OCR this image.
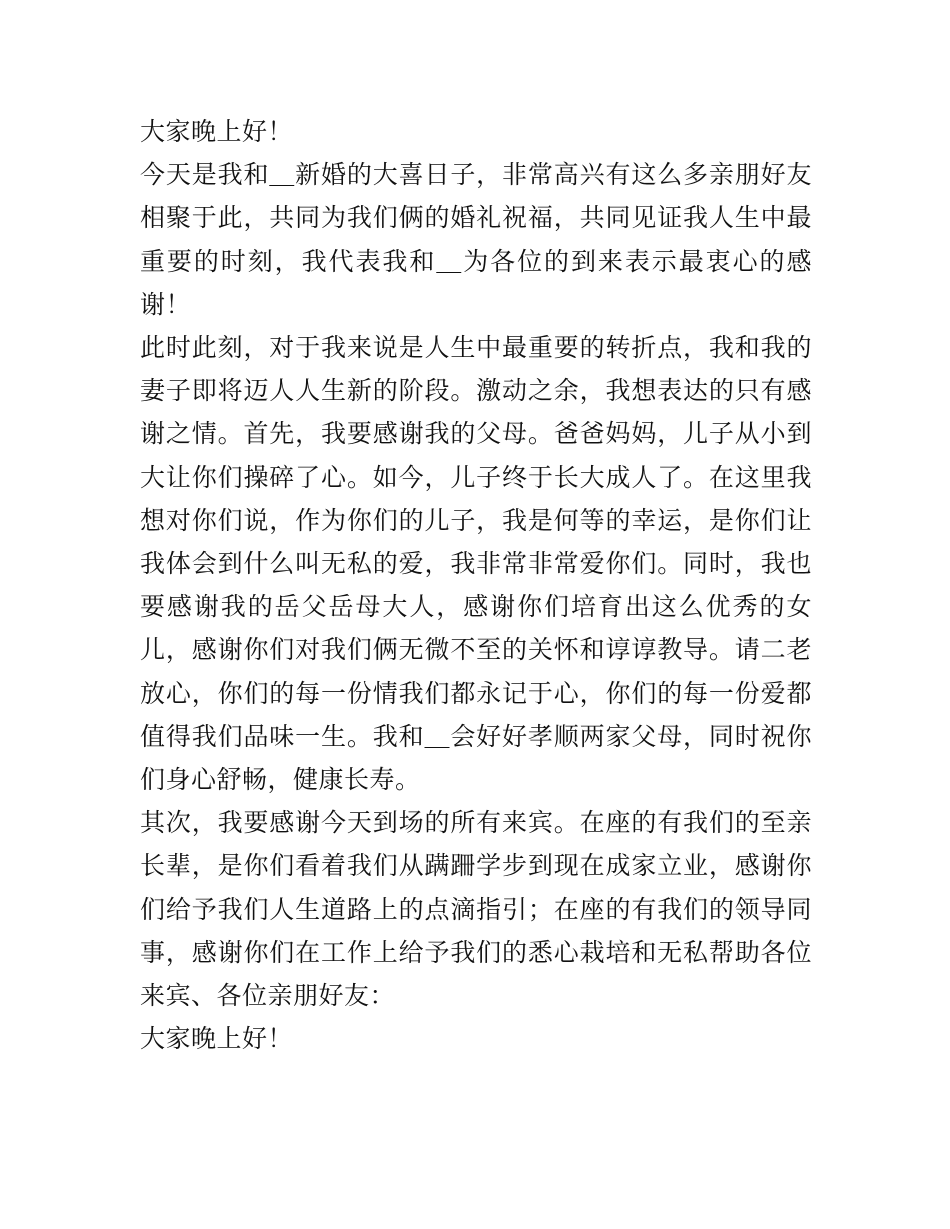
大家晚上好！

今天是我和＿新婚的大喜日子，非常高兴有这么多亲朋好友相聚于此，共同为我们俩的婚礼祝福，共同见证我人生中最重要的时刻，我代表我和＿为各位的到来表示最衷心的感谢！

此时此刻，对于我来说是人生中最重要的转折点，我和我的妻子即将迈人人生新的阶段。激动之余，我想表达的只有感谢之情。首先，我要感谢我的父母。爸爸妈妈，儿子从小到大让你们操碎了心。如今，儿子终于长大成人了。在这里我想对你们说，作为你们的儿子，我是何等的幸运，是你们让我体会到什么叫无私的爱，我非常非常爱你们。同时，我也要感谢我的岳父岳母大人，感谢你们培育出这么优秀的女儿，感谢你们对我们俩无微不至的关怀和谆谆教导。请二老放心，你们的每一份情我们都永记于心，你们的每一份爱都值得我们品味一生。我和＿会好好孝顺两家父母，同时祝你们身心舒畅，健康长寿。

其次，我要感谢今天到场的所有来宾。在座的有我们的至亲长辈，是你们看着我们从蹒跚学步到现在成家立业，感谢你们给予我们人生道路上的点滴指引；在座的有我们的领导同事，感谢你们在工作上给予我们的悉心栽培和无私帮助各位来宾、各位亲朋好友：

大家晚上好！
